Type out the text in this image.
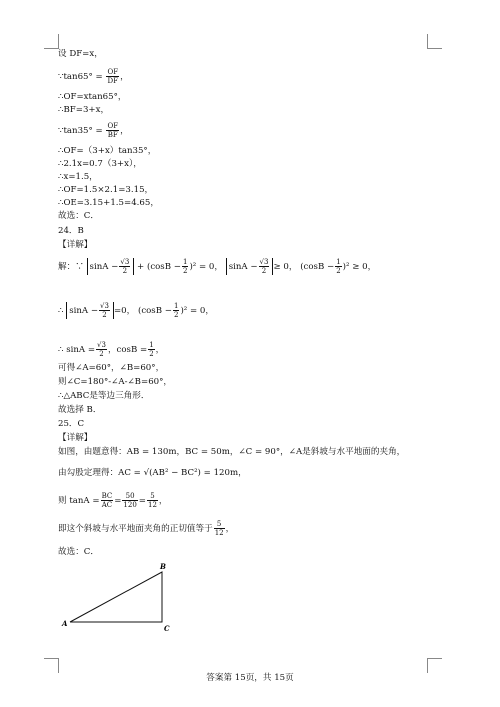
设 DF=x，
∵tan65° = $\frac{OF}{DF}$ ，
∴OF=xtan65°，
∴BF=3+x，
∵tan35° = $\frac{OF}{BF}$ ，
∴OF=（3+x）tan35°，
∴2.1x=0.7（3+x），
∴x=1.5，
∴OF=1.5×2.1=3.15，
∴OE=3.15+1.5=4.65，
故选：C．
24．B
【详解】
解：∵ $\sin A - \frac{√3}{2} + (\cos B - \frac{1}{2} )^2 = 0$， $\sin A - \frac{√3}{2} \ge 0$， $(\cos B - \frac{1}{2} )^2 \ge 0$，
∴ $\sin A - \frac{√3}{2} =0$， $(\cos B - \frac{1}{2} )^2 = 0$，
∴ $\sin A = \frac{√3}{2}$ ，$\cos B = \frac{1}{2}$ ，
可得∠A=60°，∠B=60°，
则∠C=180°-∠A-∠B=60°，
∴△ABC是等边三角形．
故选择 B．
25．C
【详解】
如图，由题意得：AB = 130m，BC = 50m，∠C = 90°，∠A是斜坡与水平地面的夹角，
由勾股定理得：AC = √(AB² − BC²) = 120m，
则 $\tan A = \frac{BC}{AC} = \frac{50}{120} = \frac{5}{12}$ ，
即这个斜坡与水平地面夹角的正切值等于 $\frac{5}{12}$ ，
故选：C．
A
B
C
答案第 15页，共 15页
